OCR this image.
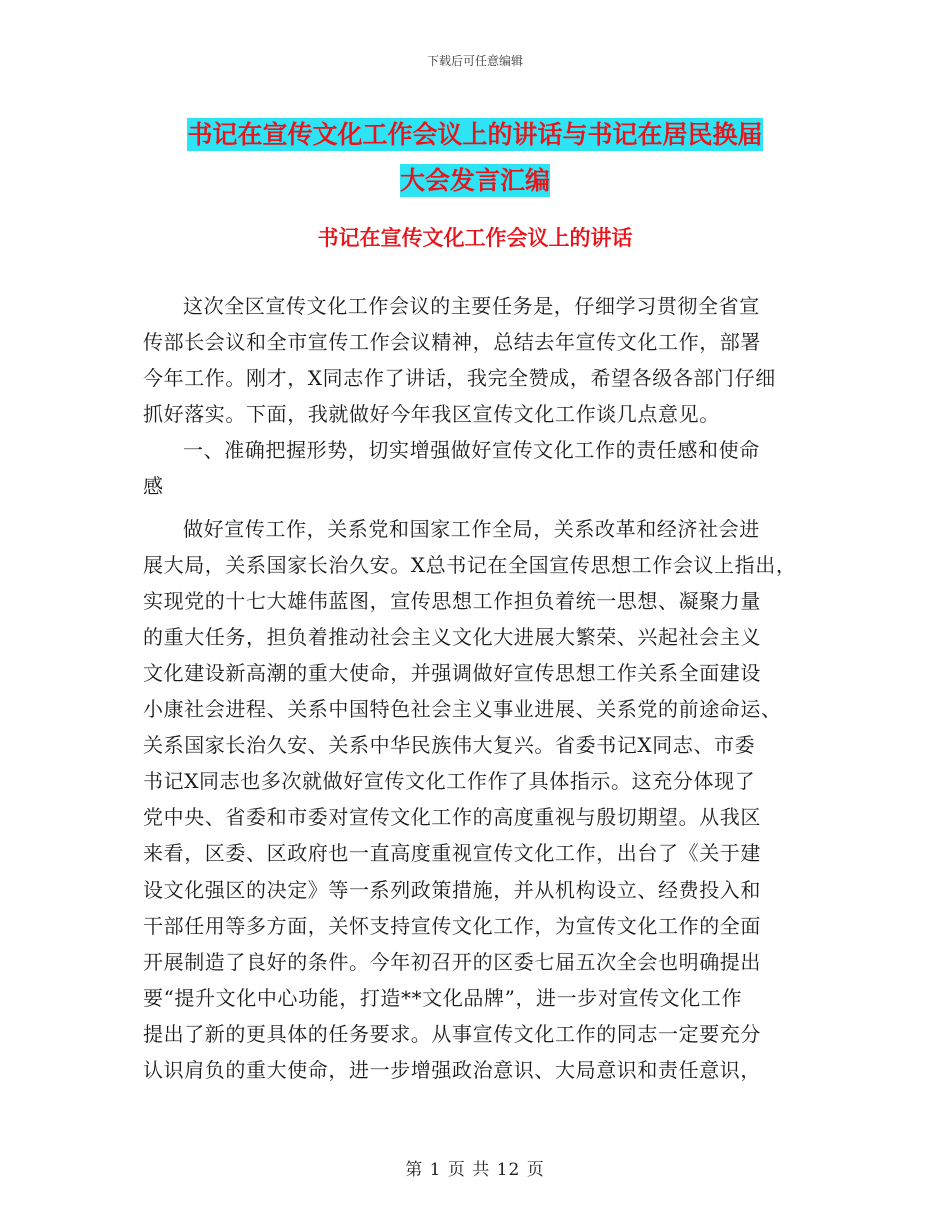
下载后可任意编辑
书记在宣传文化工作会议上的讲话与书记在居民换届
大会发言汇编
书记在宣传文化工作会议上的讲话
这次全区宣传文化工作会议的主要任务是，仔细学习贯彻全省宣
传部长会议和全市宣传工作会议精神，总结去年宣传文化工作，部署
今年工作。刚才，X同志作了讲话，我完全赞成，希望各级各部门仔细
抓好落实。下面，我就做好今年我区宣传文化工作谈几点意见。
一、准确把握形势，切实增强做好宣传文化工作的责任感和使命
感
做好宣传工作，关系党和国家工作全局，关系改革和经济社会进
展大局，关系国家长治久安。X总书记在全国宣传思想工作会议上指出，
实现党的十七大雄伟蓝图，宣传思想工作担负着统一思想、凝聚力量
的重大任务，担负着推动社会主义文化大进展大繁荣、兴起社会主义
文化建设新高潮的重大使命，并强调做好宣传思想工作关系全面建设
小康社会进程、关系中国特色社会主义事业进展、关系党的前途命运、
关系国家长治久安、关系中华民族伟大复兴。省委书记X同志、市委
书记X同志也多次就做好宣传文化工作作了具体指示。这充分体现了
党中央、省委和市委对宣传文化工作的高度重视与殷切期望。从我区
来看，区委、区政府也一直高度重视宣传文化工作，出台了《关于建
设文化强区的决定》等一系列政策措施，并从机构设立、经费投入和
干部任用等多方面，关怀支持宣传文化工作，为宣传文化工作的全面
开展制造了良好的条件。今年初召开的区委七届五次全会也明确提出
要“提升文化中心功能，打造**文化品牌”，进一步对宣传文化工作
提出了新的更具体的任务要求。从事宣传文化工作的同志一定要充分
认识肩负的重大使命，进一步增强政治意识、大局意识和责任意识，
第 1 页 共 12 页
